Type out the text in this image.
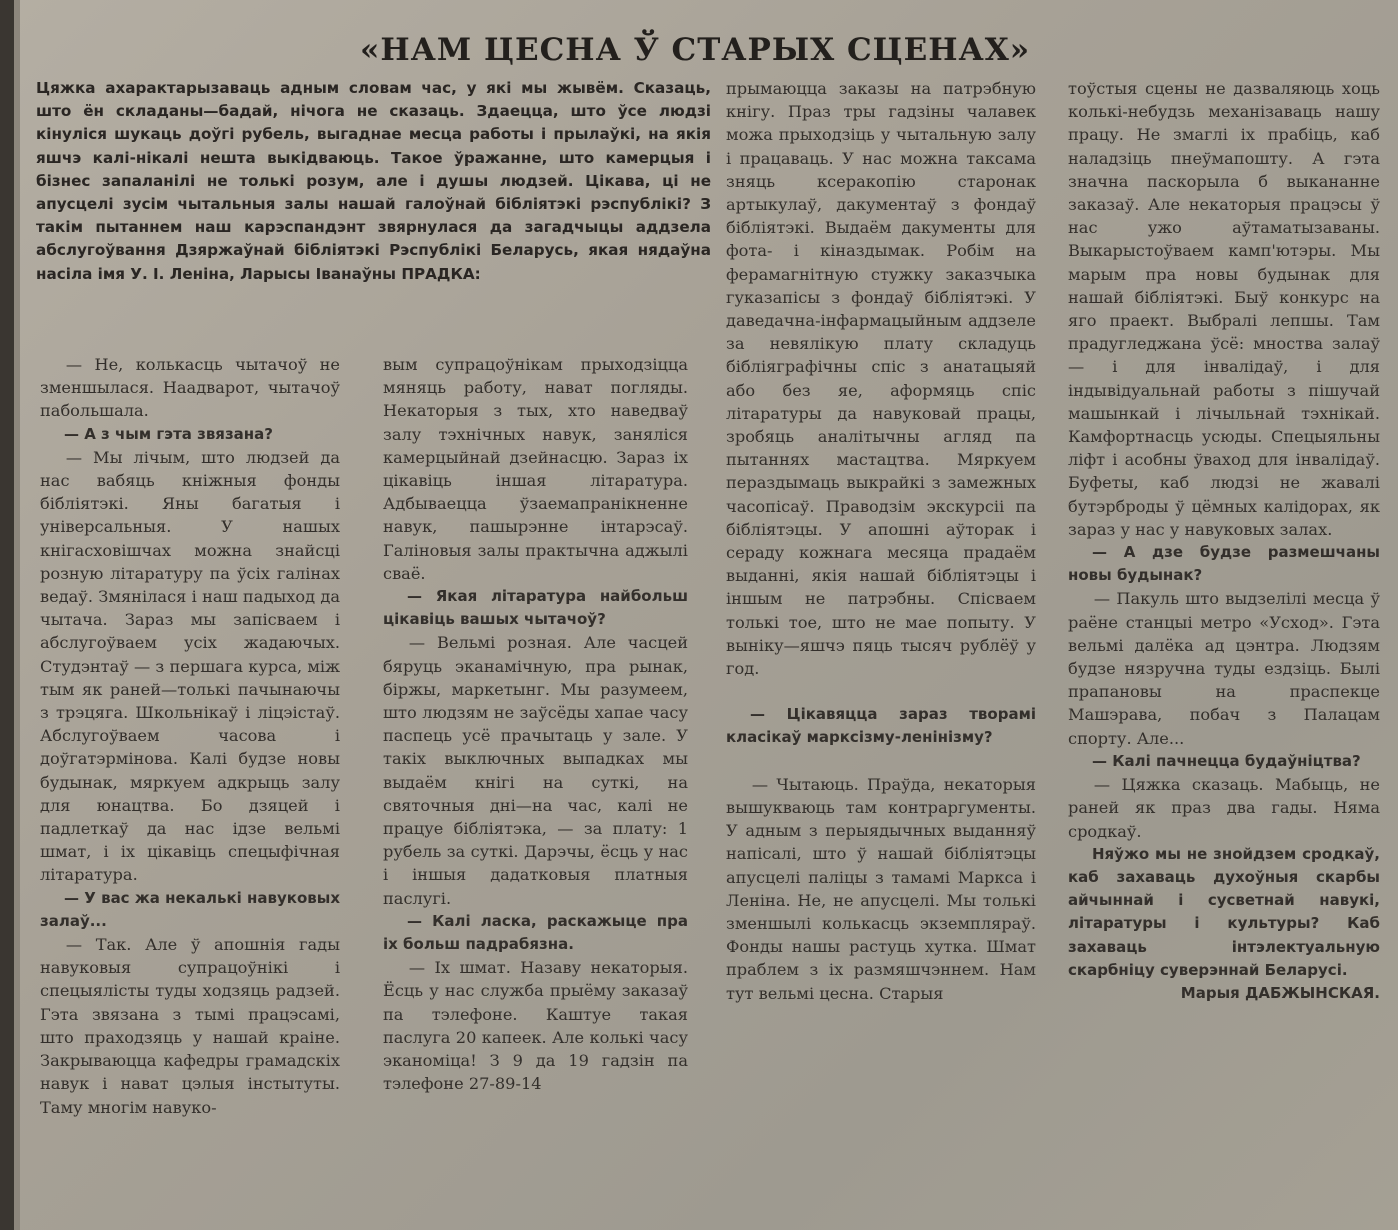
«НАМ ЦЕСНА Ў СТАРЫХ СЦЕНАХ»

Цяжка ахарактарызаваць адным словам час, у які мы жывём. Сказаць, што ён складаны—бадай, нічога не сказаць. Здаецца, што ўсе людзі кінуліся шукаць доўгі рубель, выгаднае месца работы і прылаўкі, на якія яшчэ калі-нікалі нешта выкідваюць. Такое ўражанне, што камерцыя і бізнес запаланілі не толькі розум, але і душы людзей. Цікава, ці не апусцелі зусім чытальныя залы нашай галоўнай бібліятэкі рэспублікі? З такім пытаннем наш карэспандэнт звярнулася да загадчыцы аддзела абслугоўвання Дзяржаўнай бібліятэкі Рэспублікі Беларусь, якая нядаўна насіла імя У. І. Леніна, Ларысы Іванаўны ПРАДКА:

— Не, колькасць чытачоў не зменшылася. Наадварот, чытачоў пабольшала.

— А з чым гэта звязана?

— Мы лічым, што людзей да нас вабяць кніжныя фонды бібліятэкі. Яны багатыя і універсальныя. У нашых кнігасховішчах можна знайсці розную літаратуру па ўсіх галінах ведаў. Змянілася і наш падыход да чытача. Зараз мы запісваем і абслугоўваем усіх жадаючых. Студэнтаў — з першага курса, між тым як раней—толькі пачынаючы з трэцяга. Школьнікаў і ліцэістаў. Абслугоўваем часова і доўгатэрмінова. Калі будзе новы будынак, мяркуем адкрыць залу для юнацтва. Бо дзяцей і падлеткаў да нас ідзе вельмі шмат, і іх цікавіць спецыфічная літаратура.

— У вас жа некалькі навуковых залаў...

— Так. Але ў апошнія гады навуковыя супрацоўнікі і спецыялісты туды ходзяць радзей. Гэта звязана з тымі працэсамі, што праходзяць у нашай краіне. Закрываюцца кафедры грамадскіх навук і нават цэлыя інстытуты. Таму многім навуко-

вым супрацоўнікам прыходзіцца мяняць работу, нават погляды. Некаторыя з тых, хто наведваў залу тэхнічных навук, заняліся камерцыйнай дзейнасцю. Зараз іх цікавіць іншая літаратура. Адбываецца ўзаемапранікненне навук, пашырэнне інтарэсаў. Галіновыя залы практычна аджылі сваё.

— Якая літаратура найбольш цікавіць вашых чытачоў?

— Вельмі розная. Але часцей бяруць эканамічную, пра рынак, біржы, маркетынг. Мы разумеем, што людзям не заўсёды хапае часу паспець усё прачытаць у зале. У такіх выключных выпадках мы выдаём кнігі на суткі, на святочныя дні—на час, калі не працуе бібліятэка, — за плату: 1 рубель за суткі. Дарэчы, ёсць у нас і іншыя дадатковыя платныя паслугі.

— Калі ласка, раскажыце пра іх больш падрабязна.

— Іх шмат. Назаву некаторыя. Ёсць у нас служба прыёму заказаў па тэлефоне. Каштуе такая паслуга 20 капеек. Але колькі часу эканоміца! З 9 да 19 гадзін па тэлефоне 27-89-14

прымаюцца заказы на патрэбную кнігу. Праз тры гадзіны чалавек можа прыходзіць у чытальную залу і працаваць. У нас можна таксама зняць ксеракопію старонак артыкулаў, дакументаў з фондаў бібліятэкі. Выдаём дакументы для фота- і кіназдымак. Робім на ферамагнітную стужку заказчыка гуказапісы з фондаў бібліятэкі. У даведачна-інфармацыйным аддзеле за невялікую плату складуць бібліяграфічны спіс з анатацыяй або без яе, аформяць спіс літаратуры да навуковай працы, зробяць аналітычны агляд па пытаннях мастацтва. Мяркуем пераздымаць выкрайкі з замежных часопісаў. Праводзім экскурсіі па бібліятэцы. У апошні аўторак і сераду кожнага месяца прадаём выданні, якія нашай бібліятэцы і іншым не патрэбны. Спісваем толькі тое, што не мае попыту. У выніку—яшчэ пяць тысяч рублёў у год.

— Цікавяцца зараз творамі класікаў марксізму-ленінізму?

— Чытаюць. Праўда, некаторыя вышукваюць там контраргументы. У адным з перыядычных выданняў напісалі, што ў нашай бібліятэцы апусцелі паліцы з тамамі Маркса і Леніна. Не, не апусцелі. Мы толькі зменшылі колькасць экземпляраў. Фонды нашы растуць хутка. Шмат праблем з іх размяшчэннем. Нам тут вельмі цесна. Старыя

тоўстыя сцены не дазваляюць хоць колькі-небудзь механізаваць нашу працу. Не змаглі іх прабіць, каб наладзіць пнеўмапошту. А гэта значна паскорыла б выкананне заказаў. Але некаторыя працэсы ў нас ужо аўтаматызаваны. Выкарыстоўваем камп'ютэры. Мы марым пра новы будынак для нашай бібліятэкі. Быў конкурс на яго праект. Выбралі лепшы. Там прадугледжана ўсё: мноства залаў — і для інвалідаў, і для індывідуальнай работы з пішучай машынкай і лічыльнай тэхнікай. Камфортнасць усюды. Спецыяльны ліфт і асобны ўваход для інвалідаў. Буфеты, каб людзі не жавалі бутэрброды ў цёмных калідорах, як зараз у нас у навуковых залах.

— А дзе будзе размешчаны новы будынак?

— Пакуль што выдзелілі месца ў раёне станцыі метро «Усход». Гэта вельмі далёка ад цэнтра. Людзям будзе нязручна туды ездзіць. Былі прапановы на праспекце Машэрава, побач з Палацам спорту. Але...

— Калі пачнецца будаўніцтва?

— Цяжка сказаць. Мабыць, не раней як праз два гады. Няма сродкаў.

Няўжо мы не знойдзем сродкаў, каб захаваць духоўныя скарбы айчыннай і сусветнай навукі, літаратуры і культуры? Каб захаваць інтэлектуальную скарбніцу суверэннай Беларусі.

Марыя ДАБЖЫНСКАЯ.
